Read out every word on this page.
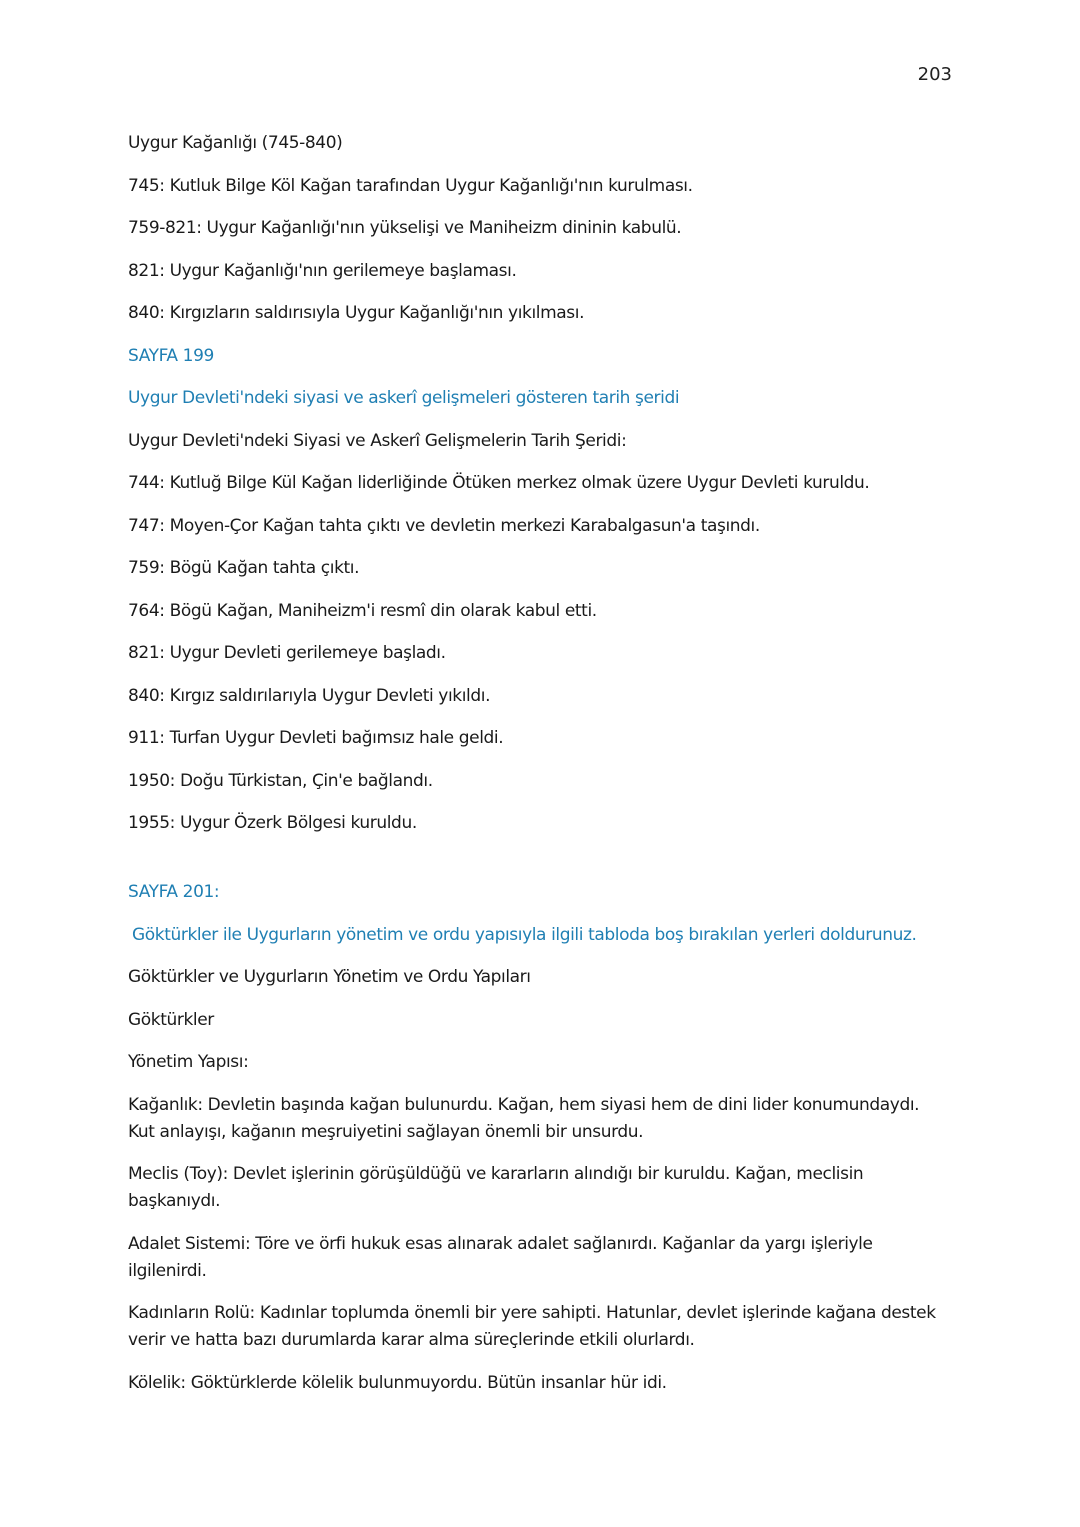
203

Uygur Kağanlığı (745-840)

745: Kutluk Bilge Köl Kağan tarafından Uygur Kağanlığı'nın kurulması.

759-821: Uygur Kağanlığı'nın yükselişi ve Maniheizm dininin kabulü.

821: Uygur Kağanlığı'nın gerilemeye başlaması.

840: Kırgızların saldırısıyla Uygur Kağanlığı'nın yıkılması.

SAYFA 199

Uygur Devleti'ndeki siyasi ve askerî gelişmeleri gösteren tarih şeridi

Uygur Devleti'ndeki Siyasi ve Askerî Gelişmelerin Tarih Şeridi:

744: Kutluğ Bilge Kül Kağan liderliğinde Ötüken merkez olmak üzere Uygur Devleti kuruldu.

747: Moyen-Çor Kağan tahta çıktı ve devletin merkezi Karabalgasun'a taşındı.

759: Bögü Kağan tahta çıktı.

764: Bögü Kağan, Maniheizm'i resmî din olarak kabul etti.

821: Uygur Devleti gerilemeye başladı.

840: Kırgız saldırılarıyla Uygur Devleti yıkıldı.

911: Turfan Uygur Devleti bağımsız hale geldi.

1950: Doğu Türkistan, Çin'e bağlandı.

1955: Uygur Özerk Bölgesi kuruldu.

SAYFA 201:

Göktürkler ile Uygurların yönetim ve ordu yapısıyla ilgili tabloda boş bırakılan yerleri doldurunuz.

Göktürkler ve Uygurların Yönetim ve Ordu Yapıları

Göktürkler

Yönetim Yapısı:

Kağanlık: Devletin başında kağan bulunurdu. Kağan, hem siyasi hem de dini lider konumundaydı. Kut anlayışı, kağanın meşruiyetini sağlayan önemli bir unsurdu.

Meclis (Toy): Devlet işlerinin görüşüldüğü ve kararların alındığı bir kuruldu. Kağan, meclisin başkanıydı.

Adalet Sistemi: Töre ve örfi hukuk esas alınarak adalet sağlanırdı. Kağanlar da yargı işleriyle ilgilenirdi.

Kadınların Rolü: Kadınlar toplumda önemli bir yere sahipti. Hatunlar, devlet işlerinde kağana destek verir ve hatta bazı durumlarda karar alma süreçlerinde etkili olurlardı.

Kölelik: Göktürklerde kölelik bulunmuyordu. Bütün insanlar hür idi.
